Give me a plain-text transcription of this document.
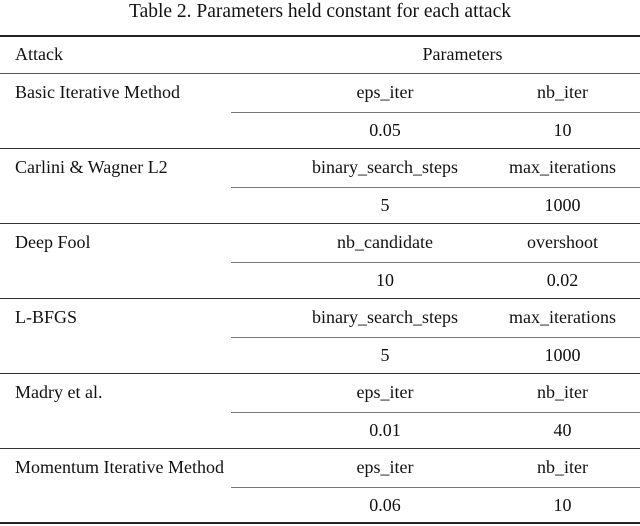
Table 2. Parameters held constant for each attack
Attack	Parameters
Basic Iterative Method	eps_iter	nb_iter
0.05	10
Carlini & Wagner L2	binary_search_steps	max_iterations
5	1000
Deep Fool	nb_candidate	overshoot
10	0.02
L-BFGS	binary_search_steps	max_iterations
5	1000
Madry et al.	eps_iter	nb_iter
0.01	40
Momentum Iterative Method	eps_iter	nb_iter
0.06	10
